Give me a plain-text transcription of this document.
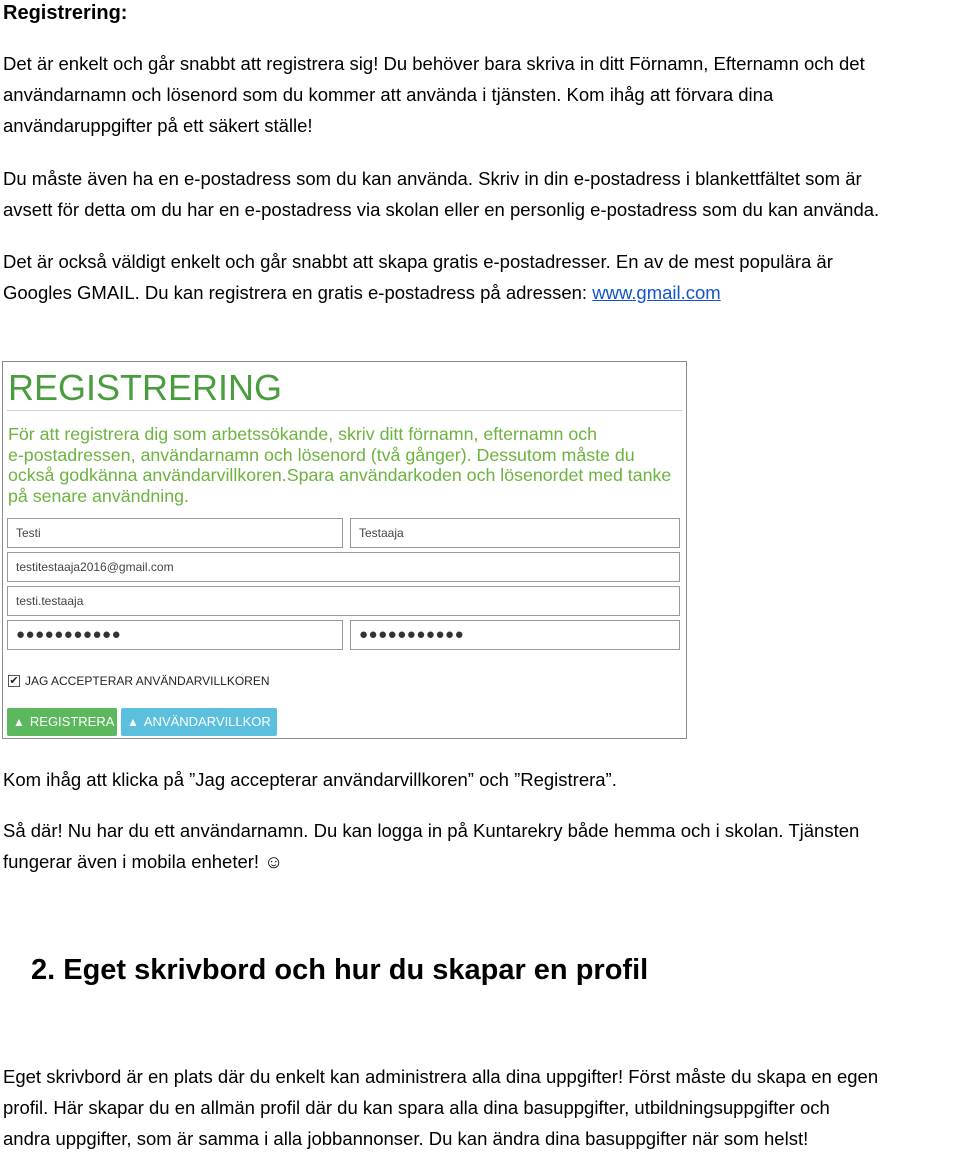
Registrering:

Det är enkelt och går snabbt att registrera sig! Du behöver bara skriva in ditt Förnamn, Efternamn och det

användarnamn och lösenord som du kommer att använda i tjänsten. Kom ihåg att förvara dina

användaruppgifter på ett säkert ställe!

Du måste även ha en e-postadress som du kan använda. Skriv in din e-postadress i blankettfältet som är

avsett för detta om du har en e-postadress via skolan eller en personlig e-postadress som du kan använda.

Det är också väldigt enkelt och går snabbt att skapa gratis e-postadresser. En av de mest populära är

Googles GMAIL. Du kan registrera en gratis e-postadress på adressen: www.gmail.com

REGISTRERING
För att registrera dig som arbetssökande, skriv ditt förnamn, efternamn och
e-postadressen, användarnamn och lösenord (två gånger). Dessutom måste du
också godkänna användarvillkoren.Spara användarkoden och lösenordet med tanke
på senare användning.
Testi	Testaaja
testitestaaja2016@gmail.com
testi.testaaja
●●●●●●●●●●●	●●●●●●●●●●●
✔ JAG ACCEPTERAR ANVÄNDARVILLKOREN
▲ REGISTRERA	▲ ANVÄNDARVILLKOR

Kom ihåg att klicka på ”Jag accepterar användarvillkoren” och ”Registrera”.

Så där! Nu har du ett användarnamn. Du kan logga in på Kuntarekry både hemma och i skolan. Tjänsten

fungerar även i mobila enheter! ☺

2. Eget skrivbord och hur du skapar en profil

Eget skrivbord är en plats där du enkelt kan administrera alla dina uppgifter! Först måste du skapa en egen

profil. Här skapar du en allmän profil där du kan spara alla dina basuppgifter, utbildningsuppgifter och

andra uppgifter, som är samma i alla jobbannonser. Du kan ändra dina basuppgifter när som helst!
